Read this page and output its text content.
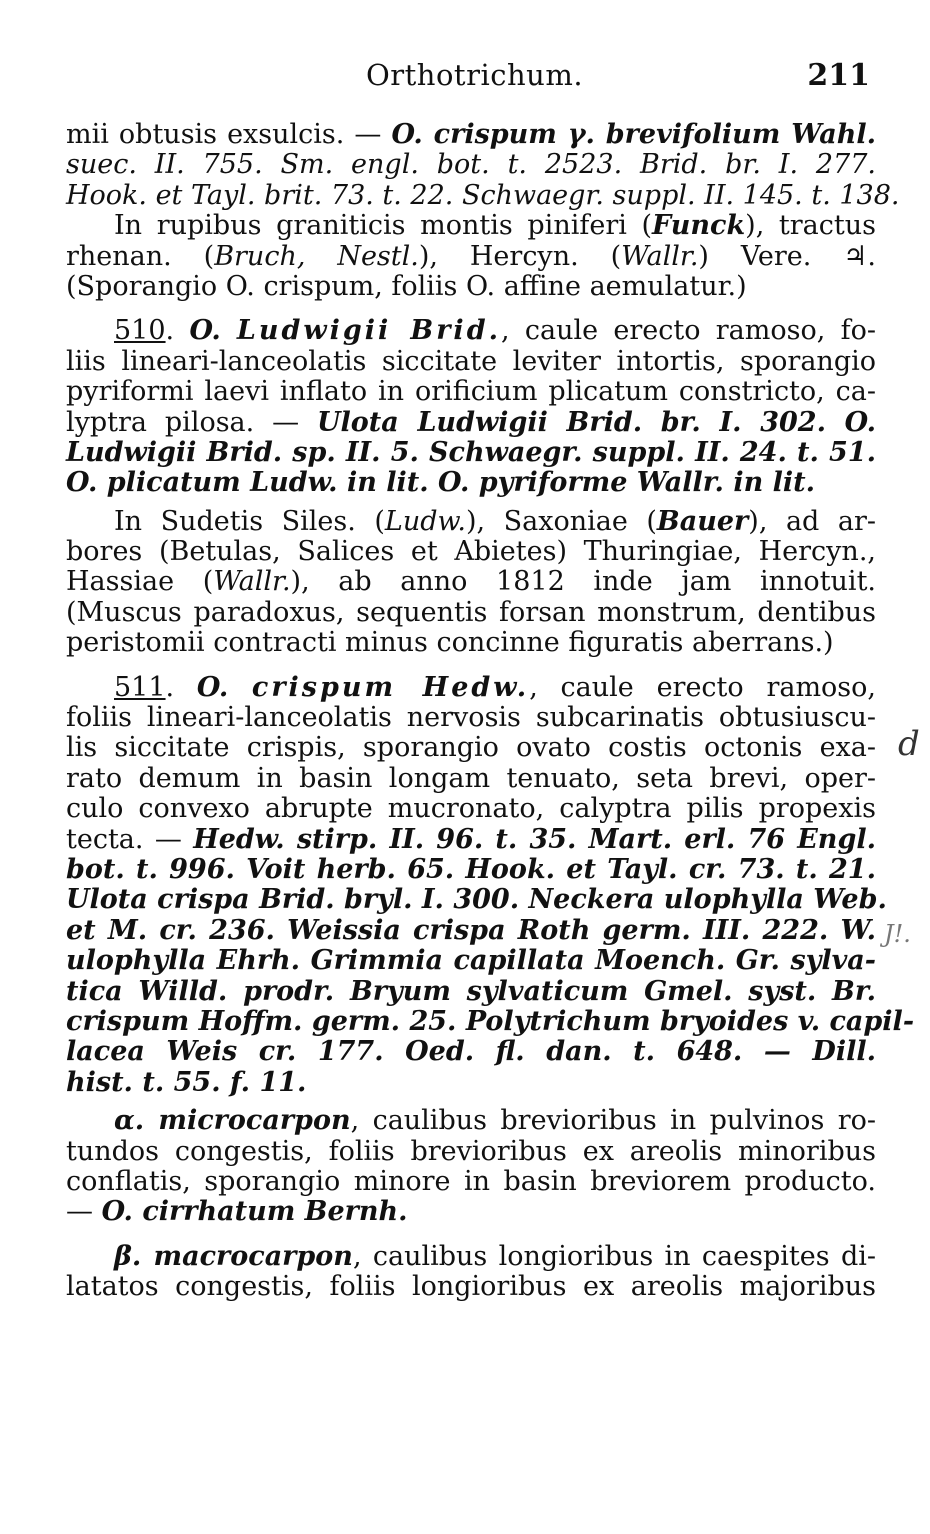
Orthotrichum.	211
mii obtusis exsulcis. — O. crispum γ. brevifolium Wahl.
suec. II. 755. Sm. engl. bot. t. 2523. Brid. br. I. 277.
Hook. et Tayl. brit. 73. t. 22. Schwaegr. suppl. II. 145. t. 138.
In rupibus graniticis montis piniferi (Funck), tractus
rhenan. (Bruch, Nestl.), Hercyn. (Wallr.) Vere. ♃.
(Sporangio O. crispum, foliis O. affine aemulatur.)
510. O. Ludwigii Brid., caule erecto ramoso, fo-
liis lineari-lanceolatis siccitate leviter intortis, sporangio
pyriformi laevi inflato in orificium plicatum constricto, ca-
lyptra pilosa. — Ulota Ludwigii Brid. br. I. 302. O.
Ludwigii Brid. sp. II. 5. Schwaegr. suppl. II. 24. t. 51.
O. plicatum Ludw. in lit. O. pyriforme Wallr. in lit.
In Sudetis Siles. (Ludw.), Saxoniae (Bauer), ad ar-
bores (Betulas, Salices et Abietes) Thuringiae, Hercyn.,
Hassiae (Wallr.), ab anno 1812 inde jam innotuit.
(Muscus paradoxus, sequentis forsan monstrum, dentibus
peristomii contracti minus concinne figuratis aberrans.)
511. O. crispum Hedw., caule erecto ramoso,
foliis lineari-lanceolatis nervosis subcarinatis obtusiuscu-
lis siccitate crispis, sporangio ovato costis octonis exa-
rato demum in basin longam tenuato, seta brevi, oper-
culo convexo abrupte mucronato, calyptra pilis propexis
tecta. — Hedw. stirp. II. 96. t. 35. Mart. erl. 76 Engl.
bot. t. 996. Voit herb. 65. Hook. et Tayl. cr. 73. t. 21.
Ulota crispa Brid. bryl. I. 300. Neckera ulophylla Web.
et M. cr. 236. Weissia crispa Roth germ. III. 222. W.
ulophylla Ehrh. Grimmia capillata Moench. Gr. sylva-
tica Willd. prodr. Bryum sylvaticum Gmel. syst. Br.
crispum Hoffm. germ. 25. Polytrichum bryoides v. capil-
lacea Weis cr. 177. Oed. fl. dan. t. 648. — Dill.
hist. t. 55. f. 11.
α. microcarpon, caulibus brevioribus in pulvinos ro-
tundos congestis, foliis brevioribus ex areolis minoribus
conflatis, sporangio minore in basin breviorem producto.
— O. cirrhatum Bernh.
β. macrocarpon, caulibus longioribus in caespites di-
latatos congestis, foliis longioribus ex areolis majoribus
d
J!.
